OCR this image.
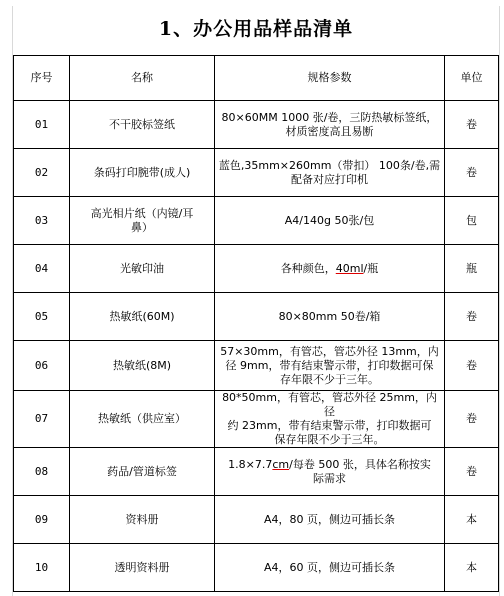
1、办公用品样品清单
序号	名称	规格参数	单位
01	不干胶标签纸	80×60MM 1000 张/卷，三防热敏标签纸，
材质密度高且易断	卷
02	条码打印腕带(成人)	蓝色,35mm×260mm（带扣） 100条/卷,需
配备对应打印机	卷
03	高光相片纸（内镜/耳
鼻）	A4/140g 50张/包	包
04	光敏印油	各种颜色，40ml/瓶	瓶
05	热敏纸(60M)	80×80mm 50卷/箱	卷
06	热敏纸(8M)	57×30mm，有管芯，管芯外径 13mm，内
径 9mm，带有结束警示带，打印数据可保
存年限不少于三年。	卷
07	热敏纸（供应室）	80*50mm，有管芯，管芯外径 25mm，内径
约 23mm，带有结束警示带，打印数据可
保存年限不少于三年。	卷
08	药品/管道标签	1.8×7.7cm/每卷 500 张，具体名称按实
际需求	卷
09	资料册	A4，80 页，侧边可插长条	本
10	透明资料册	A4，60 页，侧边可插长条	本
